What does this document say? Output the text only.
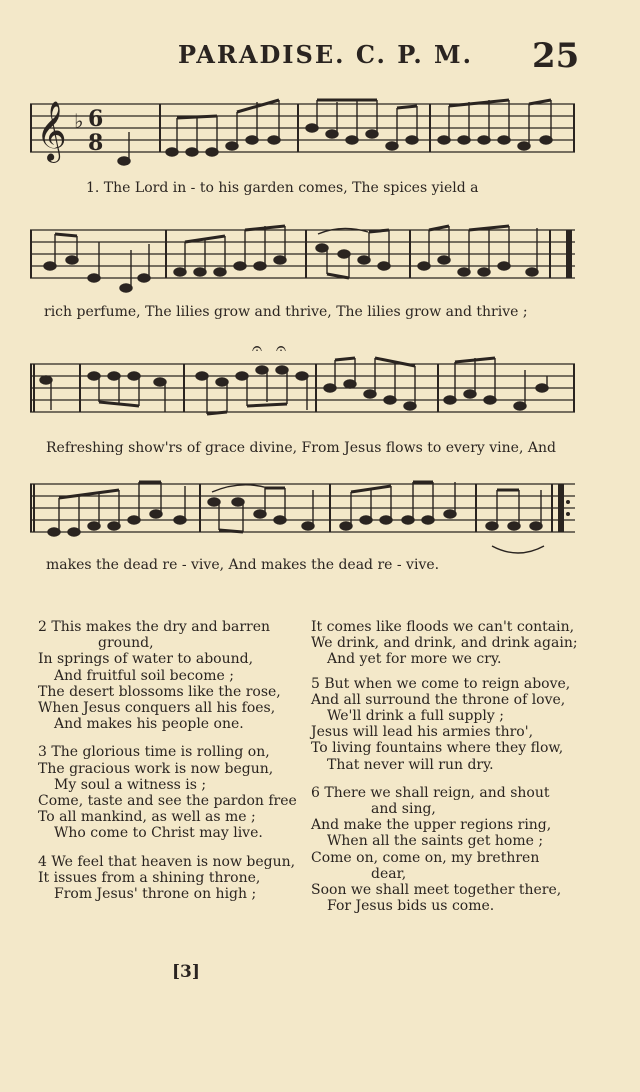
PARADISE. C. P. M. 25
𝄞 ♭ 6
8
1. The Lord in - to his garden comes, The spices yield a
rich perfume, The lilies grow and thrive, The lilies grow and thrive ;
𝄐 𝄐
Refreshing show'rs of grace divine, From Jesus flows to every vine, And
makes the dead re - vive, And makes the dead re - vive.
2 This makes the dry and barren
ground,
In springs of water to abound,
And fruitful soil become ;
The desert blossoms like the rose,
When Jesus conquers all his foes,
And makes his people one.
3 The glorious time is rolling on,
The gracious work is now begun,
My soul a witness is ;
Come, taste and see the pardon free
To all mankind, as well as me ;
Who come to Christ may live.
4 We feel that heaven is now begun,
It issues from a shining throne,
From Jesus' throne on high ;
It comes like floods we can't contain,
We drink, and drink, and drink again;
And yet for more we cry.
5 But when we come to reign above,
And all surround the throne of love,
We'll drink a full supply ;
Jesus will lead his armies thro',
To living fountains where they flow,
That never will run dry.
6 There we shall reign, and shout
and sing,
And make the upper regions ring,
When all the saints get home ;
Come on, come on, my brethren
dear,
Soon we shall meet together there,
For Jesus bids us come.
[3]
